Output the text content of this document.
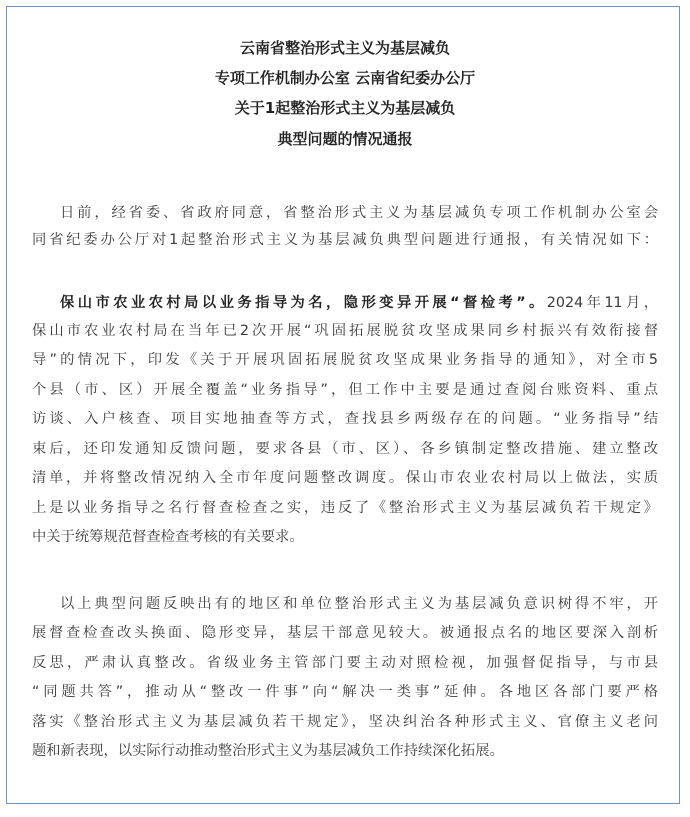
云南省整治形式主义为基层减负
专项工作机制办公室 云南省纪委办公厅
关于1起整治形式主义为基层减负
典型问题的情况通报
日前，经省委、省政府同意，省整治形式主义为基层减负专项工作机制办公室会
同省纪委办公厅对1起整治形式主义为基层减负典型问题进行通报，有关情况如下：
保山市农业农村局以业务指导为名，隐形变异开展“督检考”。2024年11月，
保山市农业农村局在当年已2次开展“巩固拓展脱贫攻坚成果同乡村振兴有效衔接督
导”的情况下，印发《关于开展巩固拓展脱贫攻坚成果业务指导的通知》，对全市5
个县（市、区）开展全覆盖“业务指导”，但工作中主要是通过查阅台账资料、重点
访谈、入户核查、项目实地抽查等方式，查找县乡两级存在的问题。“业务指导”结
束后，还印发通知反馈问题，要求各县（市、区）、各乡镇制定整改措施、建立整改
清单，并将整改情况纳入全市年度问题整改调度。保山市农业农村局以上做法，实质
上是以业务指导之名行督查检查之实，违反了《整治形式主义为基层减负若干规定》
中关于统筹规范督查检查考核的有关要求。
以上典型问题反映出有的地区和单位整治形式主义为基层减负意识树得不牢，开
展督查检查改头换面、隐形变异，基层干部意见较大。被通报点名的地区要深入剖析
反思，严肃认真整改。省级业务主管部门要主动对照检视，加强督促指导，与市县
“同题共答”，推动从“整改一件事”向“解决一类事”延伸。各地区各部门要严格
落实《整治形式主义为基层减负若干规定》，坚决纠治各种形式主义、官僚主义老问
题和新表现，以实际行动推动整治形式主义为基层减负工作持续深化拓展。
